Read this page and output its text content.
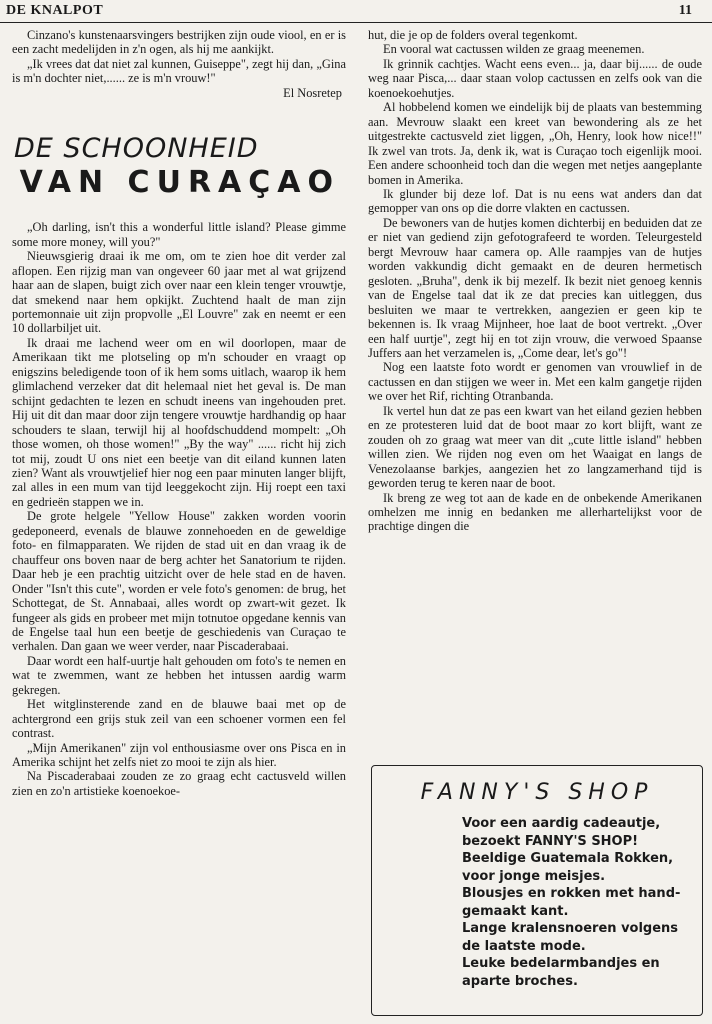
DE KNALPOT	11

Cinzano's kunstenaarsvingers bestrijken zijn oude viool, en er is een zacht medelijden in z'n ogen, als hij me aankijkt.

„Ik vrees dat dat niet zal kunnen, Guiseppe", zegt hij dan, „Gina is m'n dochter niet,...... ze is m'n vrouw!"

El Nosretep
DE SCHOONHEID
VAN CURAÇAO

„Oh darling, isn't this a wonderful little island? Please gimme some more money, will you?"

Nieuwsgierig draai ik me om, om te zien hoe dit verder zal aflopen. Een rijzig man van ongeveer 60 jaar met al wat grijzend haar aan de slapen, buigt zich over naar een klein tenger vrouwtje, dat smekend naar hem opkijkt. Zuchtend haalt de man zijn portemonnaie uit zijn propvolle „El Louvre" zak en neemt er een 10 dollarbiljet uit.

Ik draai me lachend weer om en wil doorlopen, maar de Amerikaan tikt me plotseling op m'n schouder en vraagt op enigszins beledigende toon of ik hem soms uitlach, waarop ik hem glimlachend verzeker dat dit helemaal niet het geval is. De man schijnt gedachten te lezen en schudt ineens van ingehouden pret. Hij uit dit dan maar door zijn tengere vrouwtje hardhandig op haar schouders te slaan, terwijl hij al hoofdschuddend mompelt: „Oh those women, oh those women!" „By the way" ...... richt hij zich tot mij, zoudt U ons niet een beetje van dit eiland kunnen laten zien? Want als vrouwtjelief hier nog een paar minuten langer blijft, zal alles in een mum van tijd leeggekocht zijn. Hij roept een taxi en gedrieën stappen we in.

De grote helgele "Yellow House" zakken worden voorin gedeponeerd, evenals de blauwe zonnehoeden en de geweldige foto- en filmapparaten. We rijden de stad uit en dan vraag ik de chauffeur ons boven naar de berg achter het Sanatorium te rijden. Daar heb je een prachtig uitzicht over de hele stad en de haven. Onder "Isn't this cute", worden er vele foto's genomen: de brug, het Schottegat, de St. Annabaai, alles wordt op zwart-wit gezet. Ik fungeer als gids en probeer met mijn totnutoe opgedane kennis van de Engelse taal hun een beetje de geschiedenis van Curaçao te verhalen. Dan gaan we weer verder, naar Piscaderabaai.

Daar wordt een half-uurtje halt gehouden om foto's te nemen en wat te zwemmen, want ze hebben het intussen aardig warm gekregen.

Het witglinsterende zand en de blauwe baai met op de achtergrond een grijs stuk zeil van een schoener vormen een fel contrast.

„Mijn Amerikanen" zijn vol enthousiasme over ons Pisca en in Amerika schijnt het zelfs niet zo mooi te zijn als hier.

Na Piscaderabaai zouden ze zo graag echt cactusveld willen zien en zo'n artistieke koenoekoe-

hut, die je op de folders overal tegenkomt.

En vooral wat cactussen wilden ze graag meenemen.

Ik grinnik cachtjes. Wacht eens even... ja, daar bij...... de oude weg naar Pisca,... daar staan volop cactussen en zelfs ook van die koenoekoehutjes.

Al hobbelend komen we eindelijk bij de plaats van bestemming aan. Mevrouw slaakt een kreet van bewondering als ze het uitgestrekte cactusveld ziet liggen, „Oh, Henry, look how nice!!" Ik zwel van trots. Ja, denk ik, wat is Curaçao toch eigenlijk mooi. Een andere schoonheid toch dan die wegen met netjes aangeplante bomen in Amerika.

Ik glunder bij deze lof. Dat is nu eens wat anders dan dat gemopper van ons op die dorre vlakten en cactussen.

De bewoners van de hutjes komen dichterbij en beduiden dat ze er niet van gediend zijn gefotografeerd te worden. Teleurgesteld bergt Mevrouw haar camera op. Alle raampjes van de hutjes worden vakkundig dicht gemaakt en de deuren hermetisch gesloten. „Bruha", denk ik bij mezelf. Ik bezit niet genoeg kennis van de Engelse taal dat ik ze dat precies kan uitleggen, dus besluiten we maar te vertrekken, aangezien er geen kip te bekennen is. Ik vraag Mijnheer, hoe laat de boot vertrekt. „Over een half uurtje", zegt hij en tot zijn vrouw, die verwoed Spaanse Juffers aan het verzamelen is, „Come dear, let's go"!

Nog een laatste foto wordt er genomen van vrouwlief in de cactussen en dan stijgen we weer in. Met een kalm gangetje rijden we over het Rif, richting Otranbanda.

Ik vertel hun dat ze pas een kwart van het eiland gezien hebben en ze protesteren luid dat de boot maar zo kort blijft, want ze zouden oh zo graag wat meer van dit „cute little island" hebben willen zien. We rijden nog even om het Waaigat en langs de Venezolaanse barkjes, aangezien het zo langzamerhand tijd is geworden terug te keren naar de boot.

Ik breng ze weg tot aan de kade en de onbekende Amerikanen omhelzen me innig en bedanken me allerhartelijkst voor de prachtige dingen die

FANNY'S SHOP
Voor een aardig cadeautje,
bezoekt FANNY'S SHOP!
Beeldige Guatemala Rokken,
voor jonge meisjes.
Blousjes en rokken met hand-
gemaakt kant.
Lange kralensnoeren volgens
de laatste mode.
Leuke bedelarmbandjes en
aparte broches.
